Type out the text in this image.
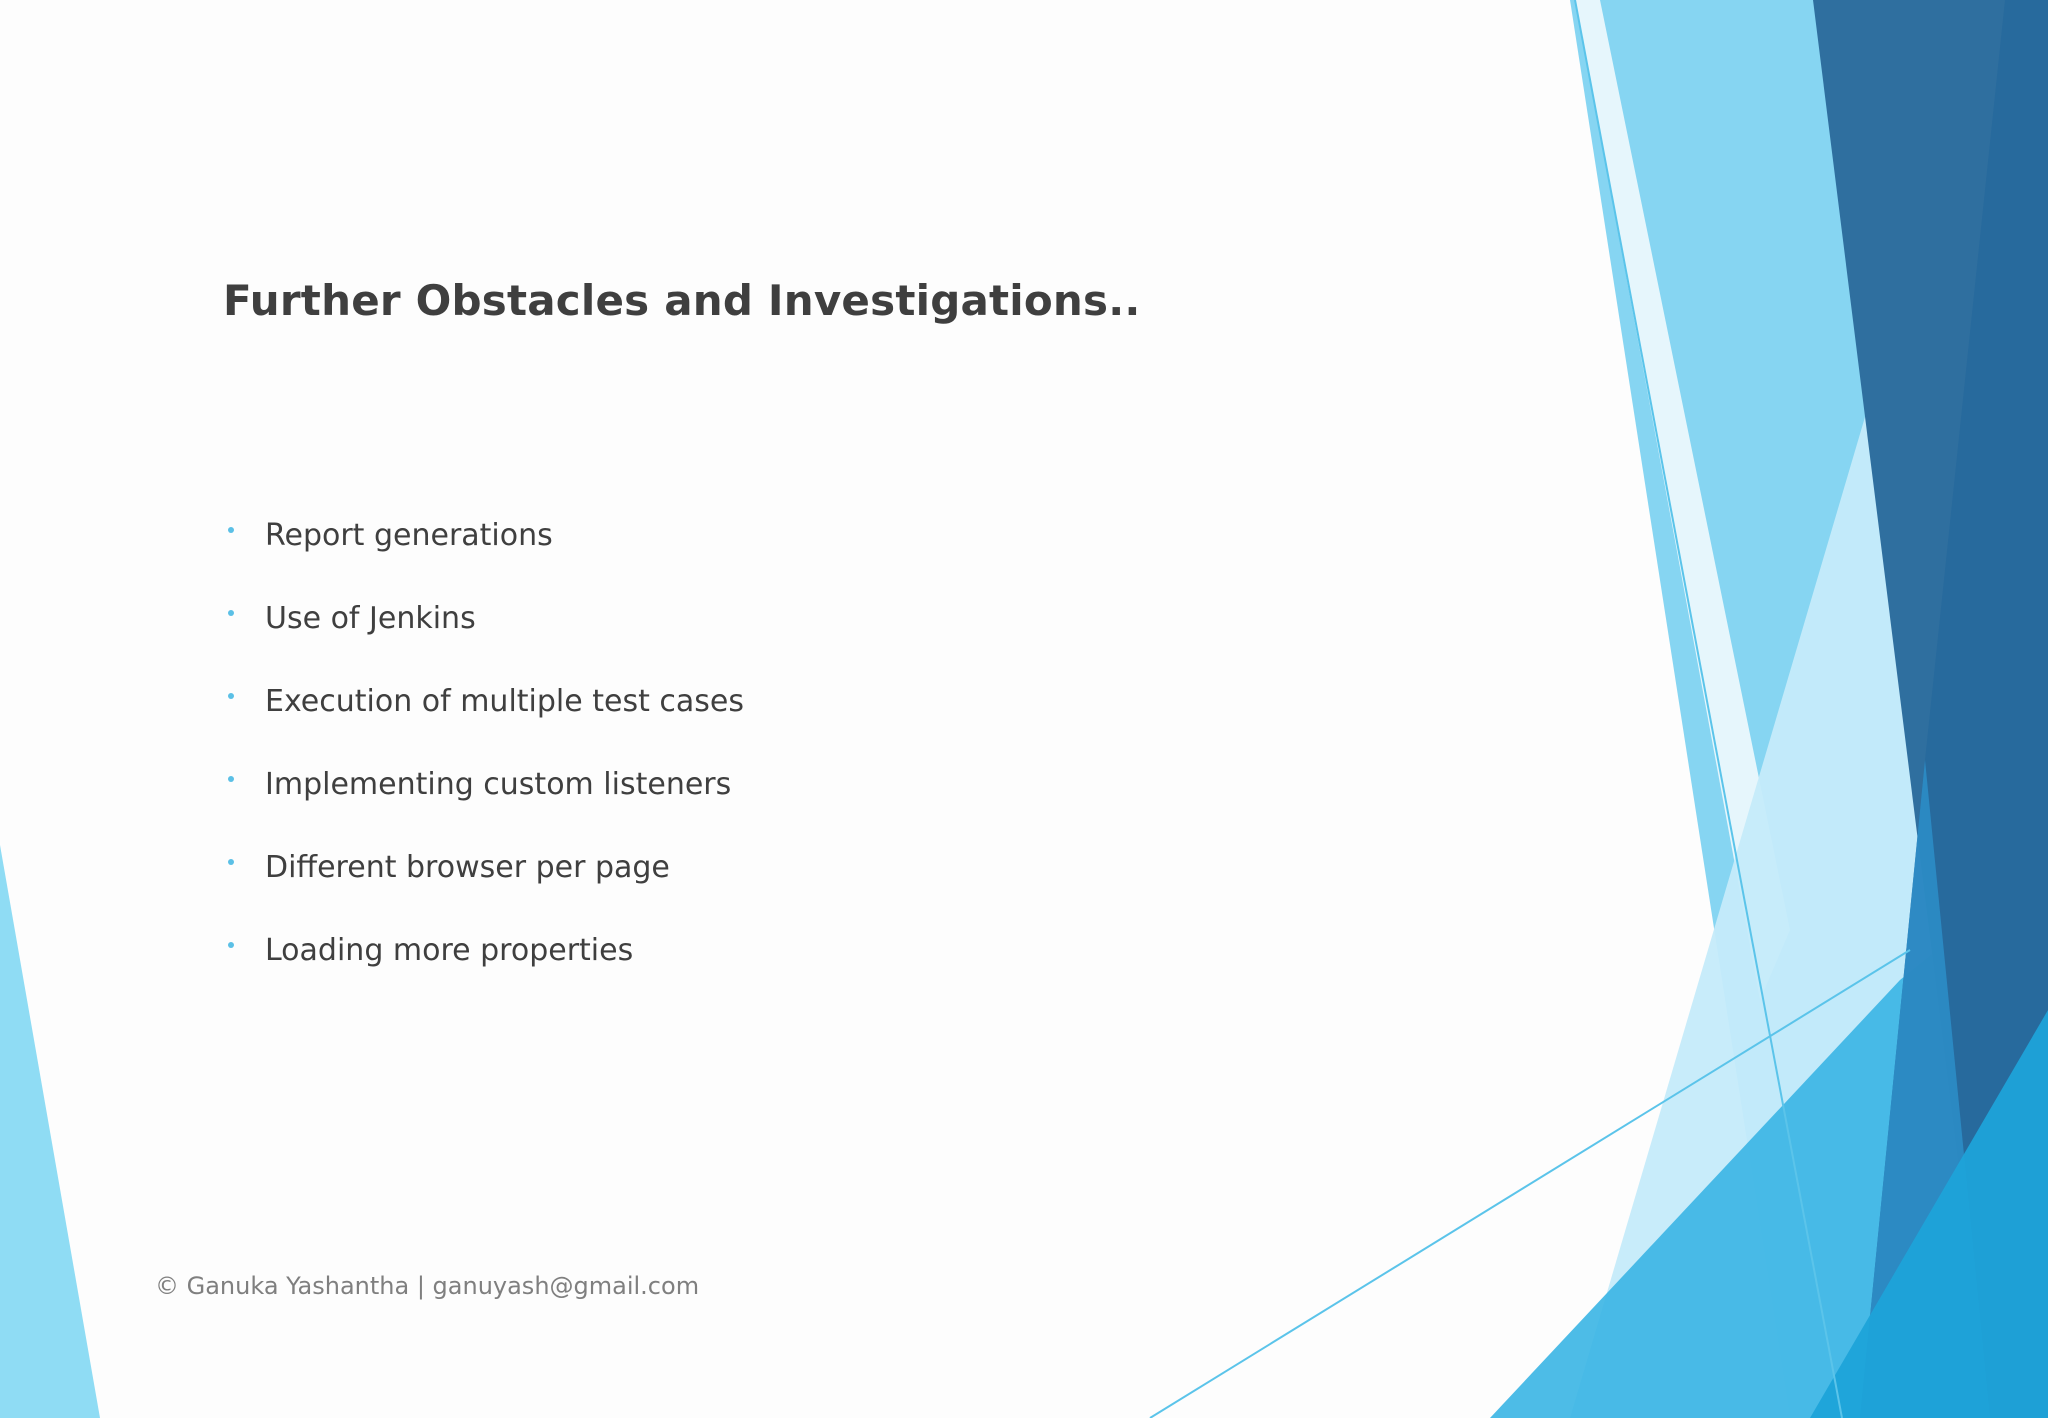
Further Obstacles and Investigations..
Report generations
Use of Jenkins
Execution of multiple test cases
Implementing custom listeners
Different browser per page
Loading more properties
© Ganuka Yashantha | ganuyash@gmail.com
